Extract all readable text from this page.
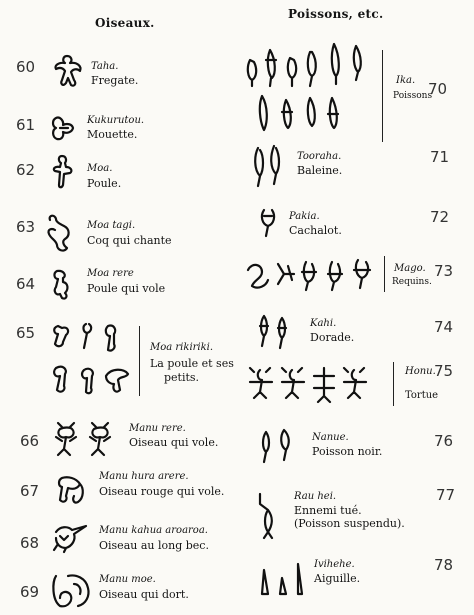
Oiseaux.
Poissons, etc.
60	Taha.
Fregate.
61	Kukurutou.
Mouette.
62	Moa.
Poule.
63	Moa tagi.
Coq qui chante
64
Moa rere
Poule qui vole
65
Moa rikiriki.
La poule et ses
petits.
66
Manu rere.
Oiseau qui vole.
67
Manu hura arere.
Oiseau rouge qui vole.
68
Manu kahua aroaroa.
Oiseau au long bec.
69
Manu moe.
Oiseau qui dort.
70
Ika.
Poissons
71
Tooraha.
Baleine.
72
Pakia.
Cachalot.
73
Mago.
Requins.
74
Kahi.
Dorade.
75
Honu.
Tortue
76
Nanue.
Poisson noir.
77
Rau hei.
Ennemi tué.
(Poisson suspendu).
78
Ivihehe.
Aiguille.
